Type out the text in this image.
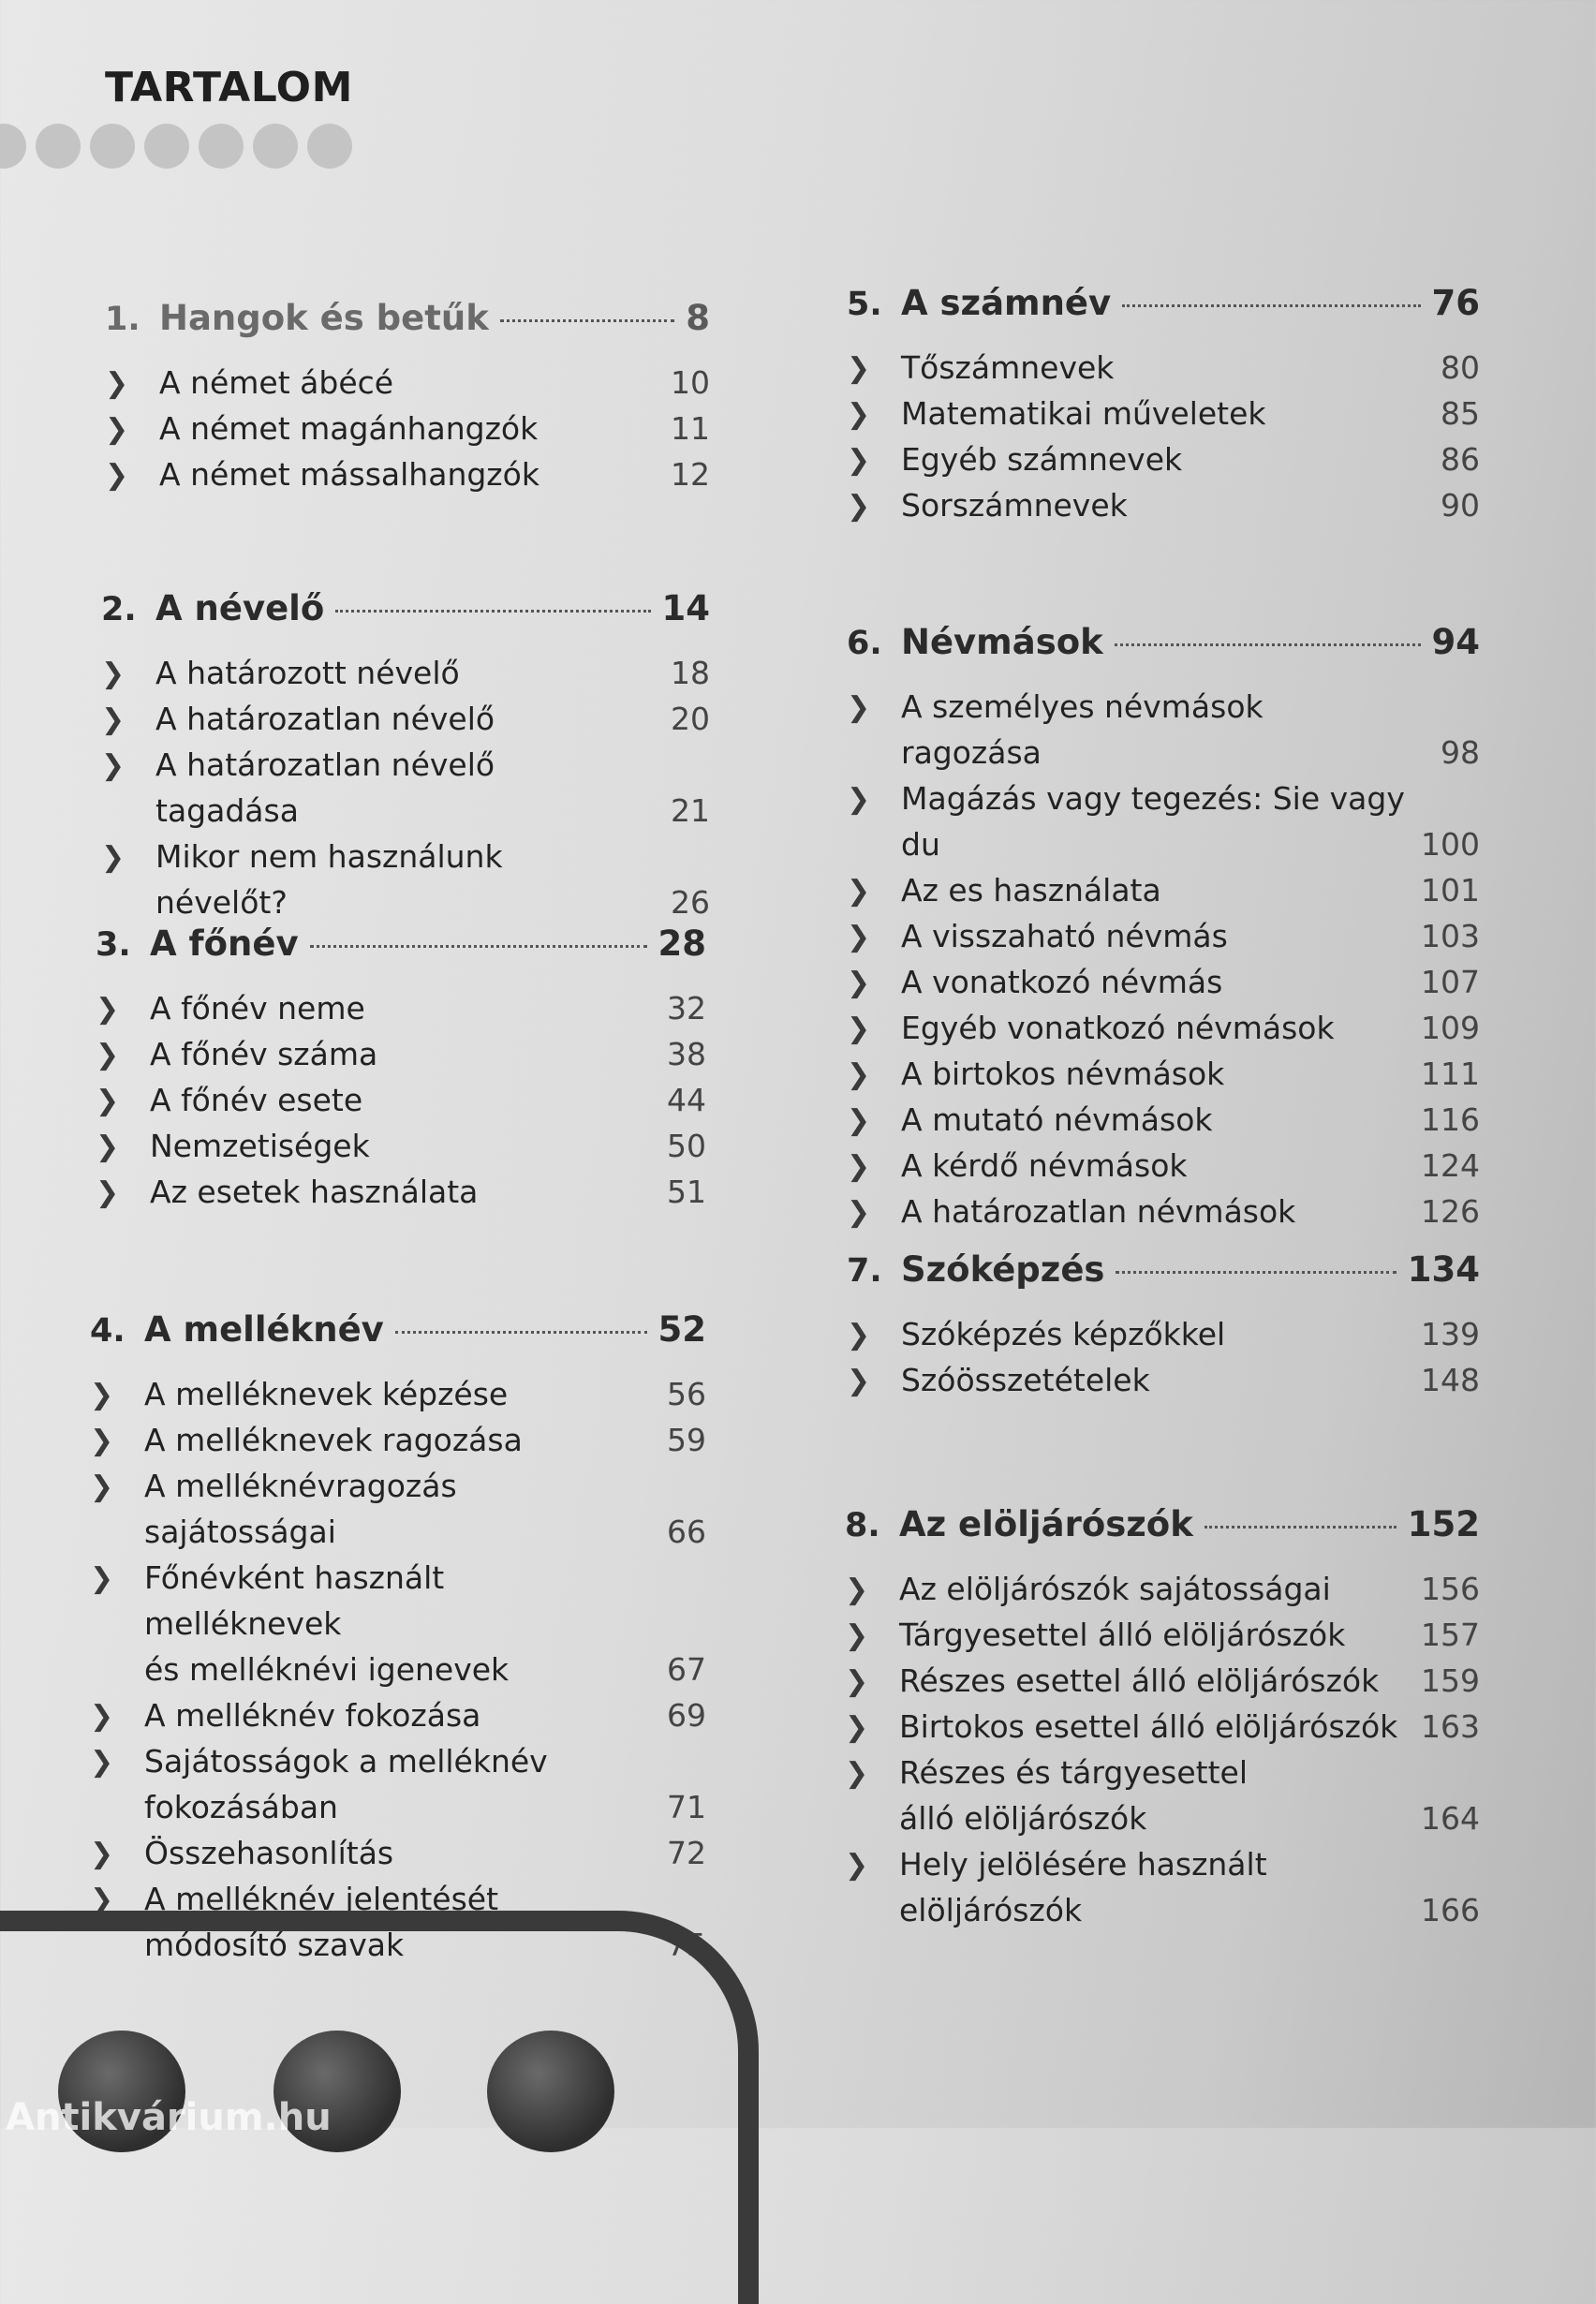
TARTALOM
1. Hangok és betűk	8
❯ A német ábécé	10
❯ A német magánhangzók	11
❯ A német mássalhangzók	12
2. A névelő	14
❯ A határozott névelő	18
❯ A határozatlan névelő	20
❯ A határozatlan névelő tagadása	21
❯ Mikor nem használunk névelőt?	26
3. A főnév	28
❯ A főnév neme	32
❯ A főnév száma	38
❯ A főnév esete	44
❯ Nemzetiségek	50
❯ Az esetek használata	51
4. A melléknév	52
❯ A melléknevek képzése	56
❯ A melléknevek ragozása	59
❯ A melléknévragozás sajátosságai	66
❯ Főnévként használt melléknevek
és melléknévi igenevek	67
❯ A melléknév fokozása	69
❯ Sajátosságok a melléknév
fokozásában	71
❯ Összehasonlítás	72
❯ A melléknév jelentését
módosító szavak	75
5. A számnév	76
❯ Tőszámnevek	80
❯ Matematikai műveletek	85
❯ Egyéb számnevek	86
❯ Sorszámnevek	90
6. Névmások	94
❯ A személyes névmások ragozása	98
❯ Magázás vagy tegezés: Sie vagy du	100
❯ Az es használata	101
❯ A visszaható névmás	103
❯ A vonatkozó névmás	107
❯ Egyéb vonatkozó névmások	109
❯ A birtokos névmások	111
❯ A mutató névmások	116
❯ A kérdő névmások	124
❯ A határozatlan névmások	126
7. Szóképzés	134
❯ Szóképzés képzőkkel	139
❯ Szóösszetételek	148
8. Az elöljárószók	152
❯ Az elöljárószók sajátosságai	156
❯ Tárgyesettel álló elöljárószók	157
❯ Részes esettel álló elöljárószók	159
❯ Birtokos esettel álló elöljárószók 163
❯ Részes és tárgyesettel
álló elöljárószók	164
❯ Hely jelölésére használt
elöljárószók	166
Antikvárium.hu
